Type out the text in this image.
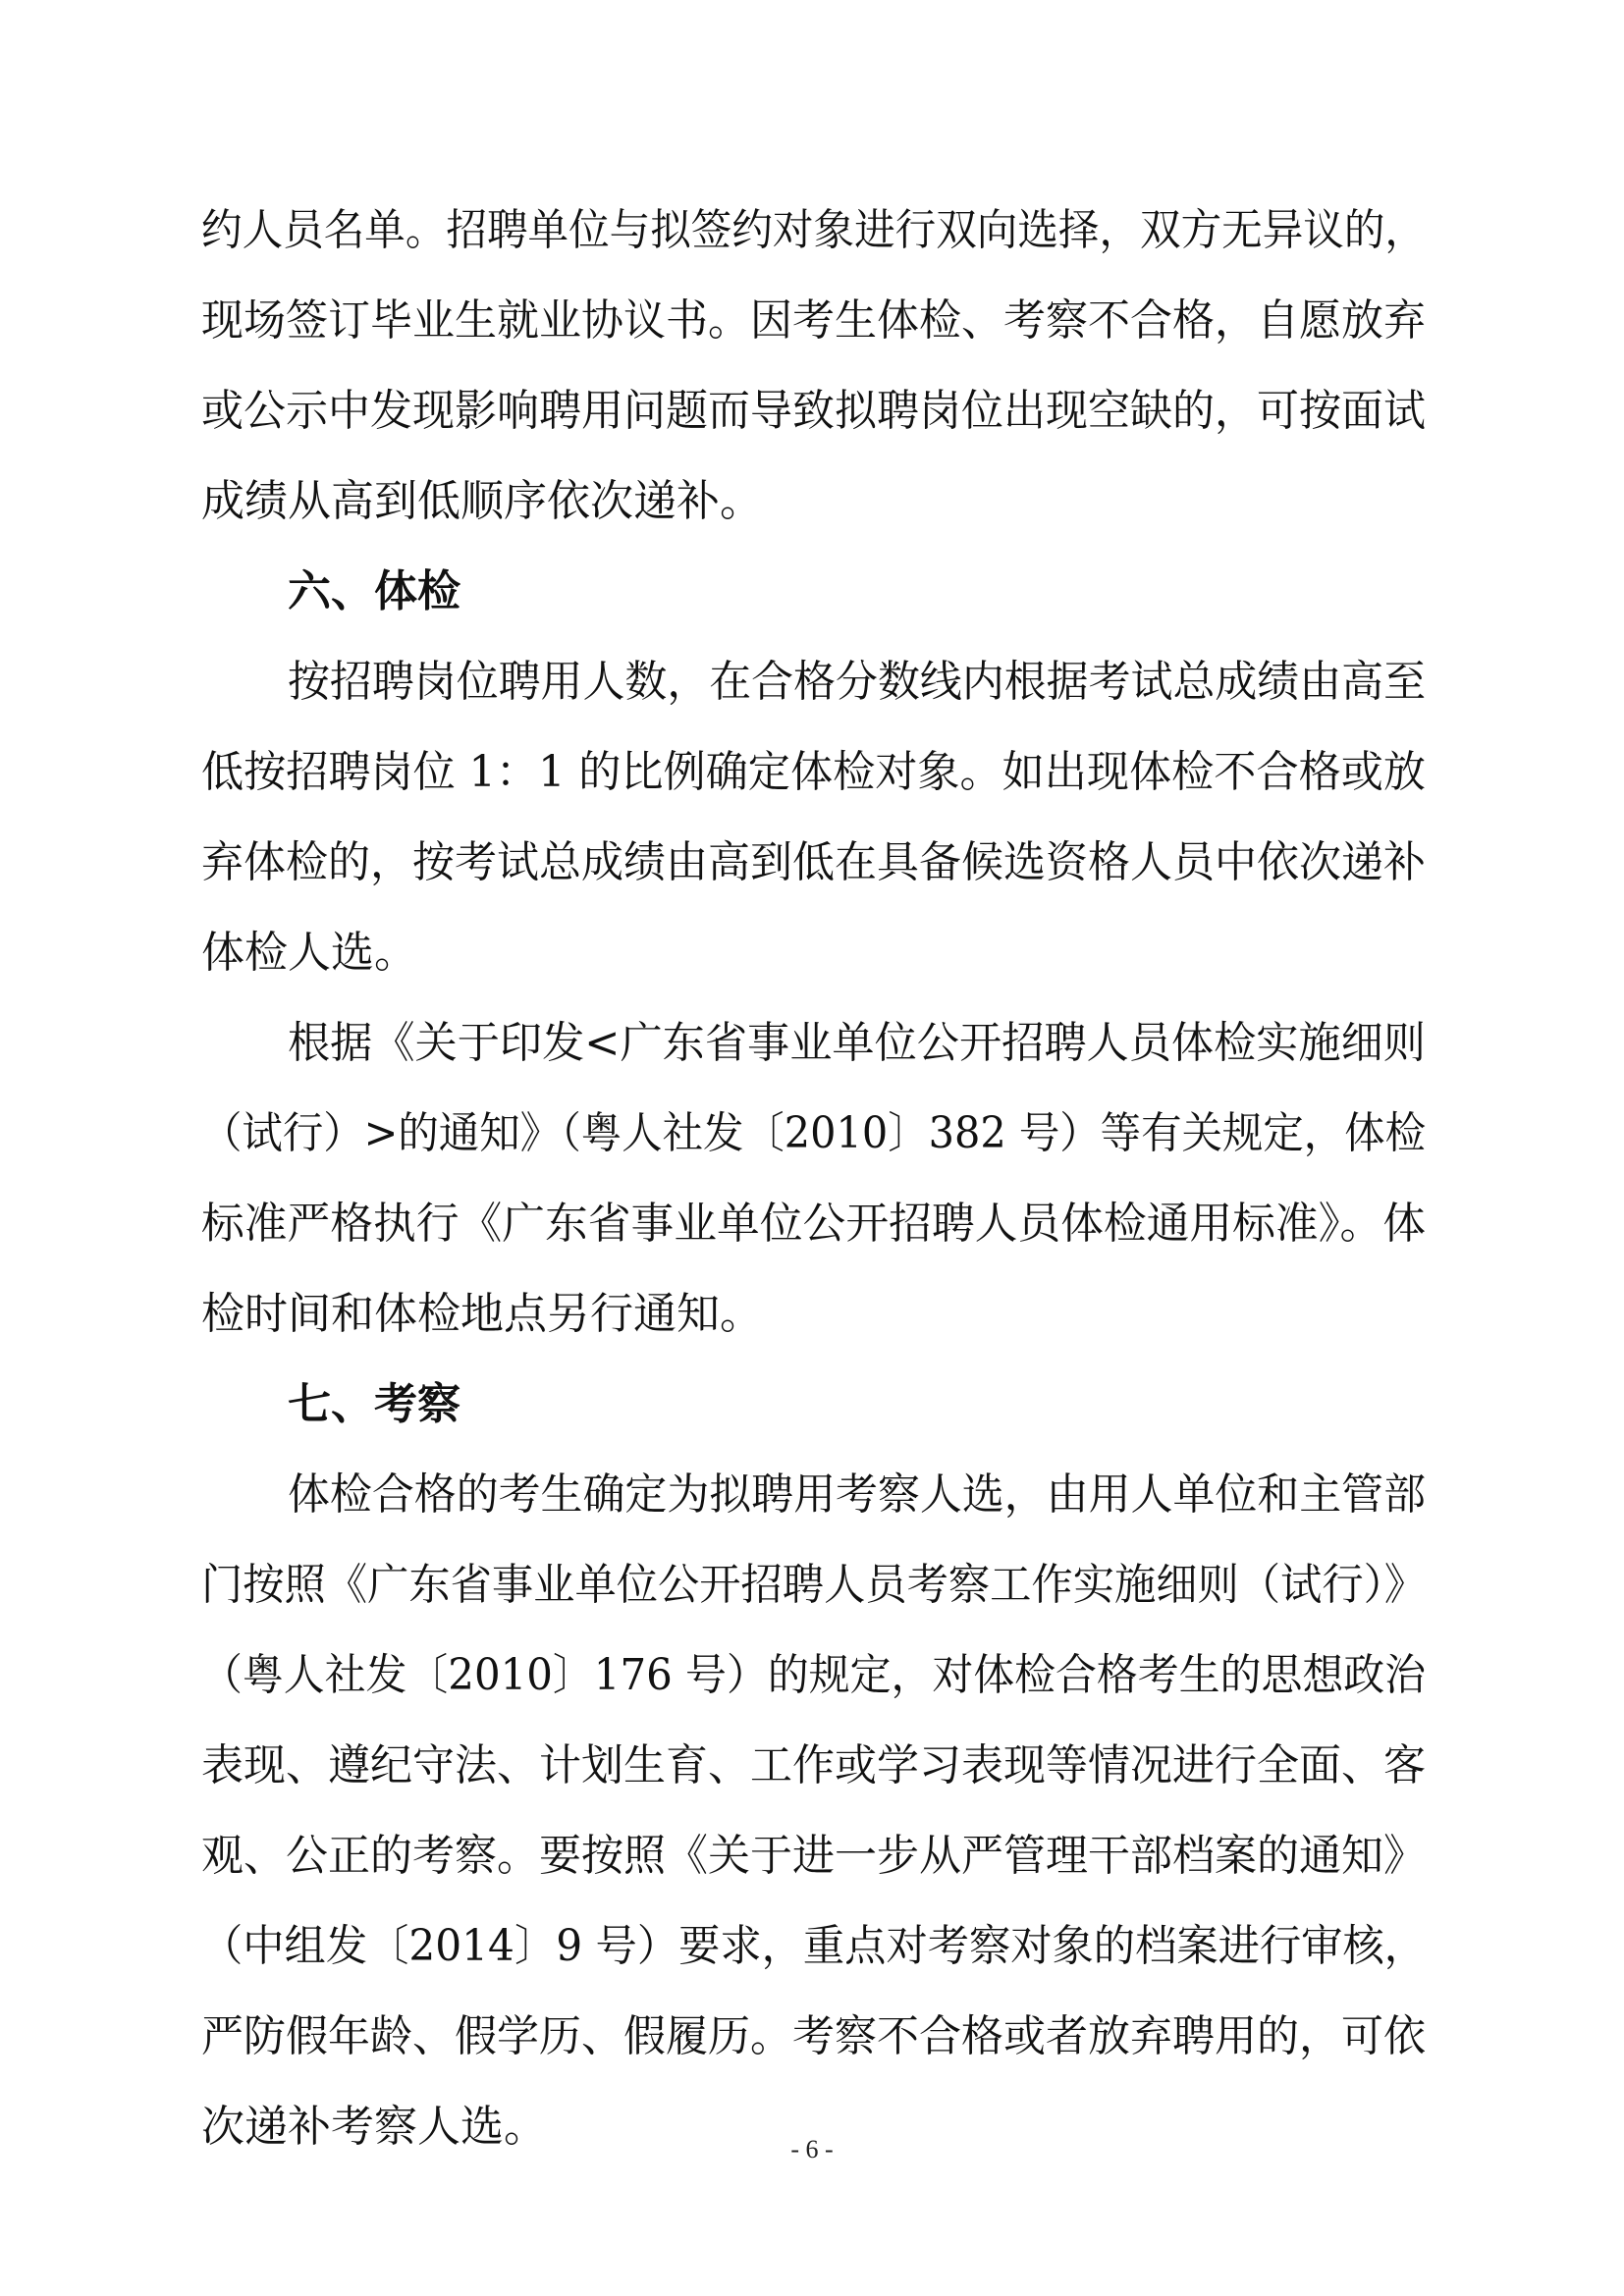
约人员名单。招聘单位与拟签约对象进行双向选择，双方无异议的，
现场签订毕业生就业协议书。因考生体检、考察不合格，自愿放弃
或公示中发现影响聘用问题而导致拟聘岗位出现空缺的，可按面试
成绩从高到低顺序依次递补。
六、体检
按招聘岗位聘用人数，在合格分数线内根据考试总成绩由高至
低按招聘岗位 1：1 的比例确定体检对象。如出现体检不合格或放
弃体检的，按考试总成绩由高到低在具备候选资格人员中依次递补
体检人选。
根据《关于印发<广东省事业单位公开招聘人员体检实施细则
（试行）>的通知》（粤人社发〔2010〕382 号）等有关规定，体检
标准严格执行《广东省事业单位公开招聘人员体检通用标准》。体
检时间和体检地点另行通知。
七、考察
体检合格的考生确定为拟聘用考察人选，由用人单位和主管部
门按照《广东省事业单位公开招聘人员考察工作实施细则（试行）》
（粤人社发〔2010〕176 号）的规定，对体检合格考生的思想政治
表现、遵纪守法、计划生育、工作或学习表现等情况进行全面、客
观、公正的考察。要按照《关于进一步从严管理干部档案的通知》
（中组发〔2014〕9 号）要求，重点对考察对象的档案进行审核，
严防假年龄、假学历、假履历。考察不合格或者放弃聘用的，可依
次递补考察人选。	- 6 -
